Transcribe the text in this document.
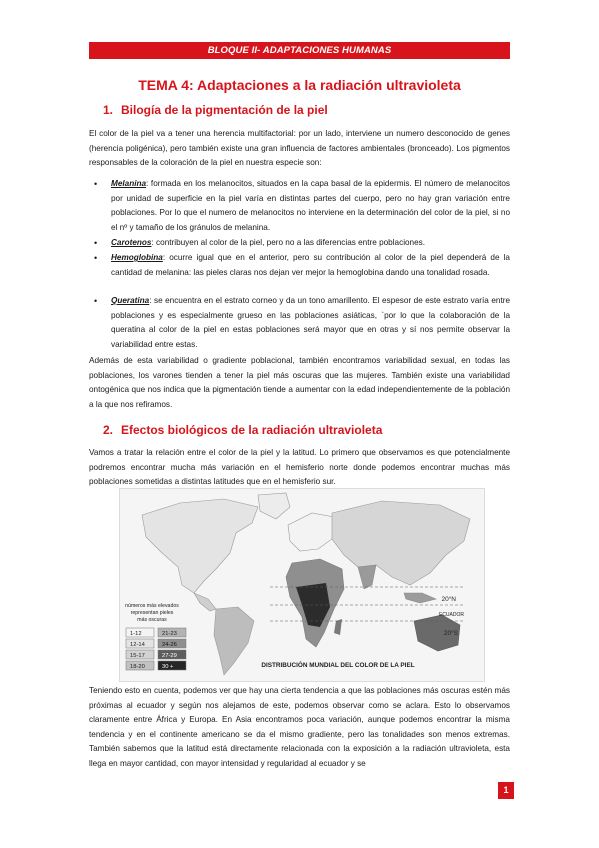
BLOQUE II- ADAPTACIONES HUMANAS
TEMA 4: Adaptaciones a la radiación ultravioleta
1. Bilogía de la pigmentación de la piel

El color de la piel va a tener una herencia multifactorial: por un lado, interviene un numero desconocido de genes (herencia poligénica), pero también existe una gran influencia de factores ambientales (bronceado). Los pigmentos responsables de la coloración de la piel en nuestra especie son:

• Melanina: formada en los melanocitos, situados en la capa basal de la epidermis. El número de melanocitos por unidad de superficie en la piel varía en distintas partes del cuerpo, pero no hay gran variación entre poblaciones. Por lo que el numero de melanocitos no interviene en la determinación del color de la piel, si no el nº y tamaño de los gránulos de melanina.
• Carotenos: contribuyen al color de la piel, pero no a las diferencias entre poblaciones.
• Hemoglobina: ocurre igual que en el anterior, pero su contribución al color de la piel dependerá de la cantidad de melanina: las pieles claras nos dejan ver mejor la hemoglobina dando una tonalidad rosada.
• Queratina: se encuentra en el estrato corneo y da un tono amarillento. El espesor de este estrato varía entre poblaciones y es especialmente grueso en las poblaciones asiáticas, `por lo que la colaboración de la queratina al color de la piel en estas poblaciones será mayor que en otras y sí nos permite observar la variabilidad entre estas.

Además de esta variabilidad o gradiente poblacional, también encontramos variabilidad sexual, en todas las poblaciones, los varones tienden a tener la piel más oscuras que las mujeres. También existe una variabilidad ontogénica que nos indica que la pigmentación tiende a aumentar con la edad independientemente de la población a la que nos refiramos.

2. Efectos biológicos de la radiación ultravioleta

Vamos a tratar la relación entre el color de la piel y la latitud. Lo primero que observamos es que potencialmente podremos encontrar mucha más variación en el hemisferio norte donde podemos encontrar muchas más poblaciones sometidas a distintas latitudes que en el hemisferio sur.

20°N
ECUADOR
20°S
números más elevados
representan pieles
más oscuras
1-12
12-14
15-17
18-20
21-23
24-26
27-29
30 +	DISTRIBUCIÓN MUNDIAL DEL COLOR DE LA PIEL

Teniendo esto en cuenta, podemos ver que hay una cierta tendencia a que las poblaciones más oscuras estén más próximas al ecuador y según nos alejamos de este, podemos observar como se aclara. Esto lo observamos claramente entre África y Europa. En Asia encontramos poca variación, aunque podemos encontrar la misma tendencia y en el continente americano se da el mismo gradiente, pero las tonalidades son menos extremas. También sabemos que la latitud está directamente relacionada con la exposición a la radiación ultravioleta, esta llega en mayor cantidad, con mayor intensidad y regularidad al ecuador y se

1
